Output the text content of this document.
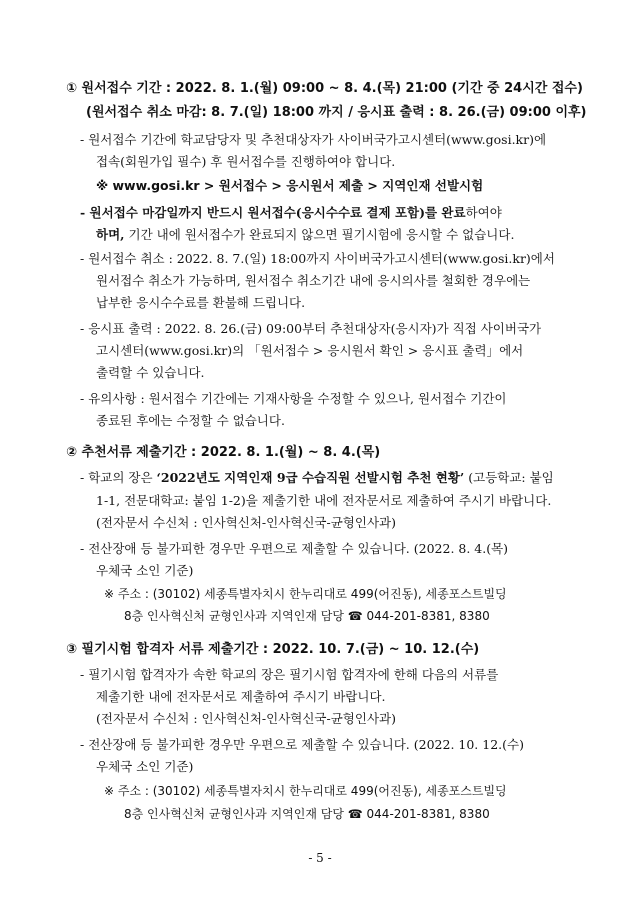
① 원서접수 기간 : 2022. 8. 1.(월) 09:00 ~ 8. 4.(목) 21:00 (기간 중 24시간 접수)
(원서접수 취소 마감: 8. 7.(일) 18:00 까지 / 응시표 출력 : 8. 26.(금) 09:00 이후)
- 원서접수 기간에 학교담당자 및 추천대상자가 사이버국가고시센터(www.gosi.kr)에
접속(회원가입 필수) 후 원서접수를 진행하여야 합니다.
※ www.gosi.kr > 원서접수 > 응시원서 제출 > 지역인재 선발시험
- 원서접수 마감일까지 반드시 원서접수(응시수수료 결제 포함)를 완료하여야
하며, 기간 내에 원서접수가 완료되지 않으면 필기시험에 응시할 수 없습니다.
- 원서접수 취소 : 2022. 8. 7.(일) 18:00까지 사이버국가고시센터(www.gosi.kr)에서
원서접수 취소가 가능하며, 원서접수 취소기간 내에 응시의사를 철회한 경우에는
납부한 응시수수료를 환불해 드립니다.
- 응시표 출력 : 2022. 8. 26.(금) 09:00부터 추천대상자(응시자)가 직접 사이버국가
고시센터(www.gosi.kr)의 「원서접수 > 응시원서 확인 > 응시표 출력」에서
출력할 수 있습니다.
- 유의사항 : 원서접수 기간에는 기재사항을 수정할 수 있으나, 원서접수 기간이
종료된 후에는 수정할 수 없습니다.
② 추천서류 제출기간 : 2022. 8. 1.(월) ~ 8. 4.(목)
- 학교의 장은 ‘2022년도 지역인재 9급 수습직원 선발시험 추천 현황’ (고등학교: 붙임
1-1, 전문대학교: 붙임 1-2)을 제출기한 내에 전자문서로 제출하여 주시기 바랍니다.
(전자문서 수신처 : 인사혁신처-인사혁신국-균형인사과)
- 전산장애 등 불가피한 경우만 우편으로 제출할 수 있습니다. (2022. 8. 4.(목)
우체국 소인 기준)
※ 주소 : (30102) 세종특별자치시 한누리대로 499(어진동), 세종포스트빌딩
8층 인사혁신처 균형인사과 지역인재 담당 ☎ 044-201-8381, 8380
③ 필기시험 합격자 서류 제출기간 : 2022. 10. 7.(금) ~ 10. 12.(수)
- 필기시험 합격자가 속한 학교의 장은 필기시험 합격자에 한해 다음의 서류를
제출기한 내에 전자문서로 제출하여 주시기 바랍니다.
(전자문서 수신처 : 인사혁신처-인사혁신국-균형인사과)
- 전산장애 등 불가피한 경우만 우편으로 제출할 수 있습니다. (2022. 10. 12.(수)
우체국 소인 기준)
※ 주소 : (30102) 세종특별자치시 한누리대로 499(어진동), 세종포스트빌딩
8층 인사혁신처 균형인사과 지역인재 담당 ☎ 044-201-8381, 8380
- 5 -
